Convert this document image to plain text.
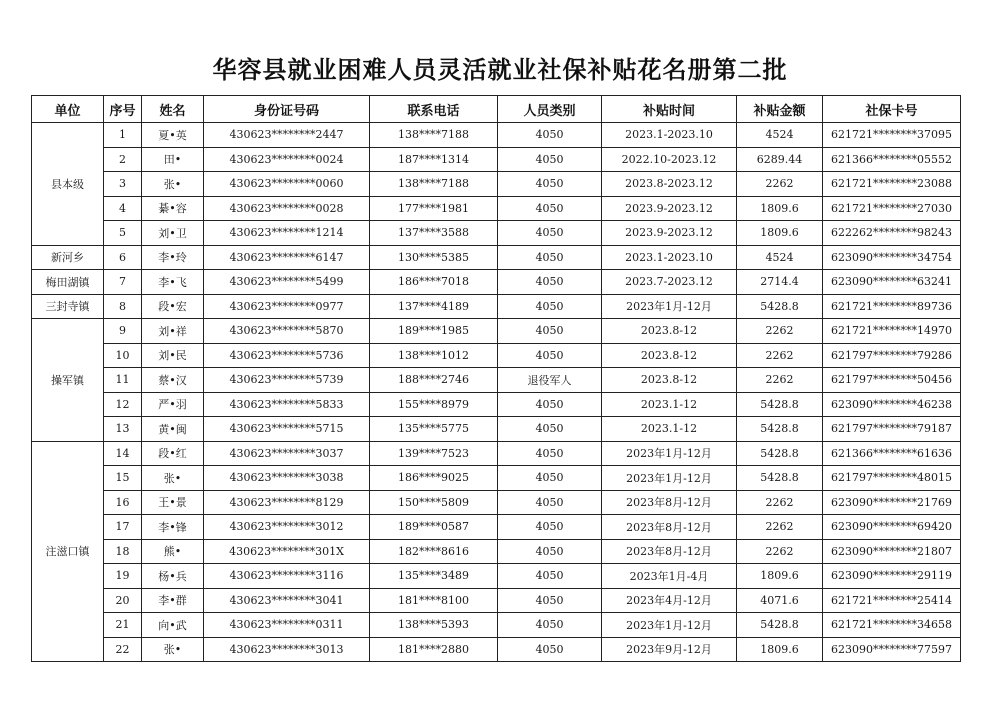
华容县就业困难人员灵活就业社保补贴花名册第二批
单位	序号	姓名	身份证号码	联系电话	人员类别	补贴时间	补贴金额	社保卡号
县本级	1	夏•英	430623********2447	138****7188	4050	2023.1-2023.10	4524	621721********37095
	2	田•	430623********0024	187****1314	4050	2022.10-2023.12	6289.44	621366********05552
	3	张•	430623********0060	138****7188	4050	2023.8-2023.12	2262	621721********23088
	4	綦•容	430623********0028	177****1981	4050	2023.9-2023.12	1809.6	621721********27030
	5	刘•卫	430623********1214	137****3588	4050	2023.9-2023.12	1809.6	622262********98243
新河乡	6	李•玲	430623********6147	130****5385	4050	2023.1-2023.10	4524	623090********34754
梅田湖镇	7	李•飞	430623********5499	186****7018	4050	2023.7-2023.12	2714.4	623090********63241
三封寺镇	8	段•宏	430623********0977	137****4189	4050	2023年1月-12月	5428.8	621721********89736
操军镇	9	刘•祥	430623********5870	189****1985	4050	2023.8-12	2262	621721********14970
	10	刘•民	430623********5736	138****1012	4050	2023.8-12	2262	621797********79286
	11	蔡•汉	430623********5739	188****2746	退役军人	2023.8-12	2262	621797********50456
	12	严•羽	430623********5833	155****8979	4050	2023.1-12	5428.8	623090********46238
	13	黄•闽	430623********5715	135****5775	4050	2023.1-12	5428.8	621797********79187
注滋口镇	14	段•红	430623********3037	139****7523	4050	2023年1月-12月	5428.8	621366********61636
	15	张•	430623********3038	186****9025	4050	2023年1月-12月	5428.8	621797********48015
	16	王•景	430623********8129	150****5809	4050	2023年8月-12月	2262	623090********21769
	17	李•锋	430623********3012	189****0587	4050	2023年8月-12月	2262	623090********69420
	18	熊•	430623********301X	182****8616	4050	2023年8月-12月	2262	623090********21807
	19	杨•兵	430623********3116	135****3489	4050	2023年1月-4月	1809.6	623090********29119
	20	李•群	430623********3041	181****8100	4050	2023年4月-12月	4071.6	621721********25414
	21	向•武	430623********0311	138****5393	4050	2023年1月-12月	5428.8	621721********34658
	22	张•	430623********3013	181****2880	4050	2023年9月-12月	1809.6	623090********77597
